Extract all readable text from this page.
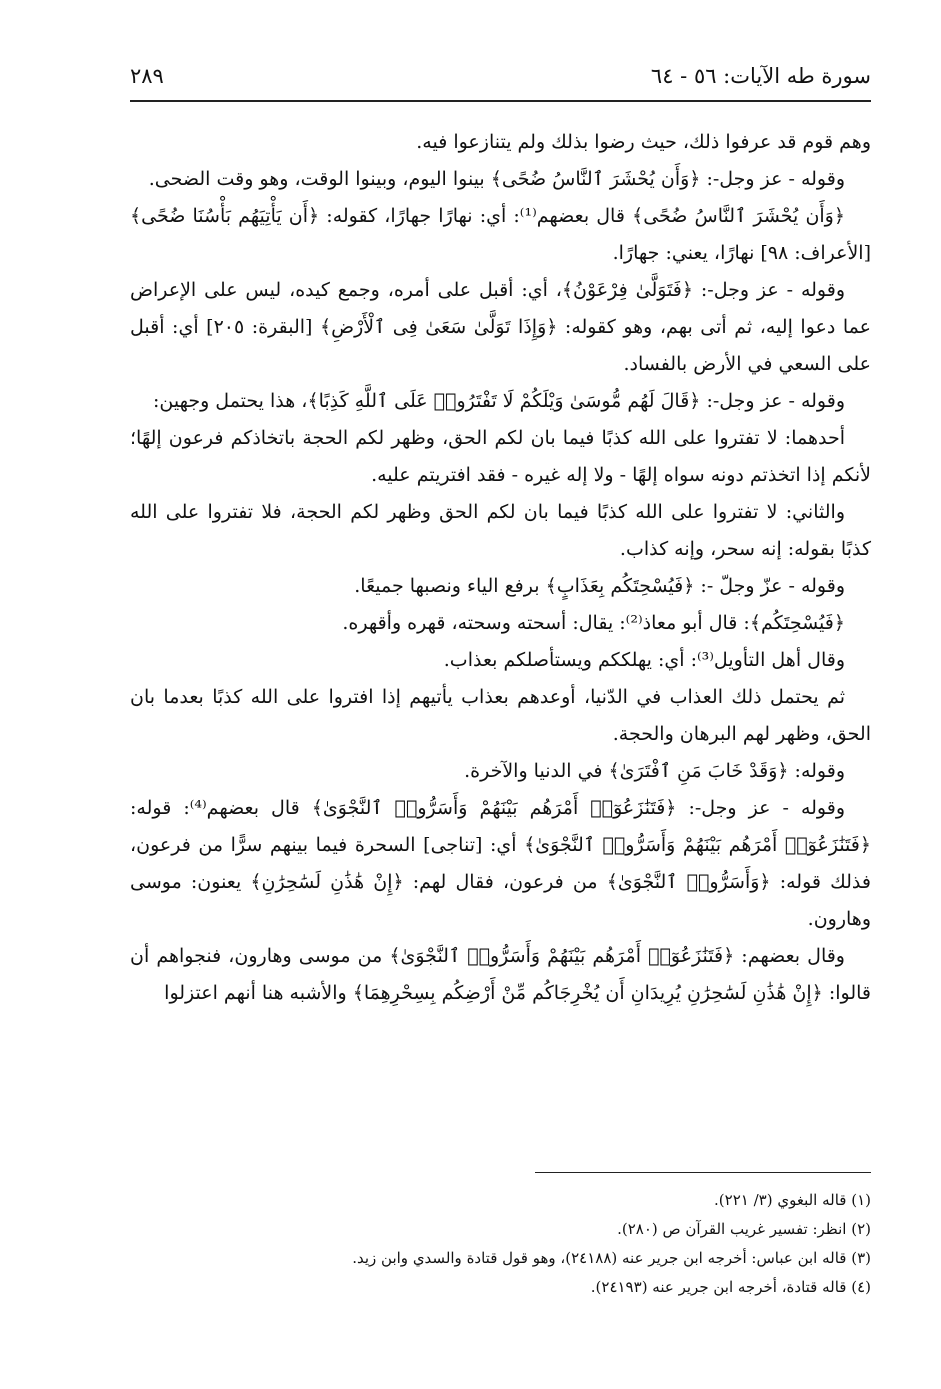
سورة طه الآيات: ٥٦ - ٦٤
٢٨٩

وهم قوم قد عرفوا ذلك، حيث رضوا بذلك ولم يتنازعوا فيه.

وقوله - عز وجل-: ﴿وَأَن يُحْشَرَ ٱلنَّاسُ ضُحًى﴾ بينوا اليوم، وبينوا الوقت، وهو وقت الضحى.

﴿وَأَن يُحْشَرَ ٱلنَّاسُ ضُحًى﴾ قال بعضهم⁽¹⁾: أي: نهارًا جهارًا، كقوله: ﴿أَن يَأْتِيَهُم بَأْسُنَا ضُحًى﴾ [الأعراف: ٩٨] نهارًا، يعني: جهارًا.

وقوله - عز وجل-: ﴿فَتَوَلَّىٰ فِرْعَوْنُ﴾، أي: أقبل على أمره، وجمع كيده، ليس على الإعراض عما دعوا إليه، ثم أتى بهم، وهو كقوله: ﴿وَإِذَا تَوَلَّىٰ سَعَىٰ فِى ٱلْأَرْضِ﴾ [البقرة: ٢٠٥] أي: أقبل على السعي في الأرض بالفساد.

وقوله - عز وجل-: ﴿قَالَ لَهُم مُّوسَىٰ وَيْلَكُمْ لَا تَفْتَرُوا۟ عَلَى ٱللَّهِ كَذِبًا﴾، هذا يحتمل وجهين:

أحدهما: لا تفتروا على الله كذبًا فيما بان لكم الحق، وظهر لكم الحجة باتخاذكم فرعون إلهًا؛ لأنكم إذا اتخذتم دونه سواه إلهًا - ولا إله غيره - فقد افتريتم عليه.

والثاني: لا تفتروا على الله كذبًا فيما بان لكم الحق وظهر لكم الحجة، فلا تفتروا على الله كذبًا بقوله: إنه سحر، وإنه كذاب.

وقوله - عزّ وجلّ -: ﴿فَيُسْحِتَكُم بِعَذَابٍ﴾ برفع الياء ونصبها جميعًا.

﴿فَيُسْحِتَكُم﴾: قال أبو معاذ⁽²⁾: يقال: أسحته وسحته، قهره وأقهره.

وقال أهل التأويل⁽³⁾: أي: يهلككم ويستأصلكم بعذاب.

ثم يحتمل ذلك العذاب في الدّنيا، أوعدهم بعذاب يأتيهم إذا افتروا على الله كذبًا بعدما بان الحق، وظهر لهم البرهان والحجة.

وقوله: ﴿وَقَدْ خَابَ مَنِ ٱفْتَرَىٰ﴾ في الدنيا والآخرة.

وقوله - عز وجل-: ﴿فَتَنَٰزَعُوٓا۟ أَمْرَهُم بَيْنَهُمْ وَأَسَرُّوا۟ ٱلنَّجْوَىٰ﴾ قال بعضهم⁽⁴⁾: قوله: ﴿فَتَنَٰزَعُوٓا۟ أَمْرَهُم بَيْنَهُمْ وَأَسَرُّوا۟ ٱلنَّجْوَىٰ﴾ أي: [تناجى] السحرة فيما بينهم سرًّا من فرعون، فذلك قوله: ﴿وَأَسَرُّوا۟ ٱلنَّجْوَىٰ﴾ من فرعون، فقال لهم: ﴿إِنْ هَٰذَٰنِ لَسَٰحِرَٰنِ﴾ يعنون: موسى وهارون.

وقال بعضهم: ﴿فَتَنَٰزَعُوٓا۟ أَمْرَهُم بَيْنَهُمْ وَأَسَرُّوا۟ ٱلنَّجْوَىٰ﴾ من موسى وهارون، فنجواهم أن قالوا: ﴿إِنْ هَٰذَٰنِ لَسَٰحِرَٰنِ يُرِيدَانِ أَن يُخْرِجَاكُم مِّنْ أَرْضِكُم بِسِحْرِهِمَا﴾ والأشبه هنا أنهم اعتزلوا

(١) قاله البغوي (٣/ ٢٢١).
(٢) انظر: تفسير غريب القرآن ص (٢٨٠).
(٣) قاله ابن عباس: أخرجه ابن جرير عنه (٢٤١٨٨)، وهو قول قتادة والسدي وابن زيد.
(٤) قاله قتادة، أخرجه ابن جرير عنه (٢٤١٩٣).
